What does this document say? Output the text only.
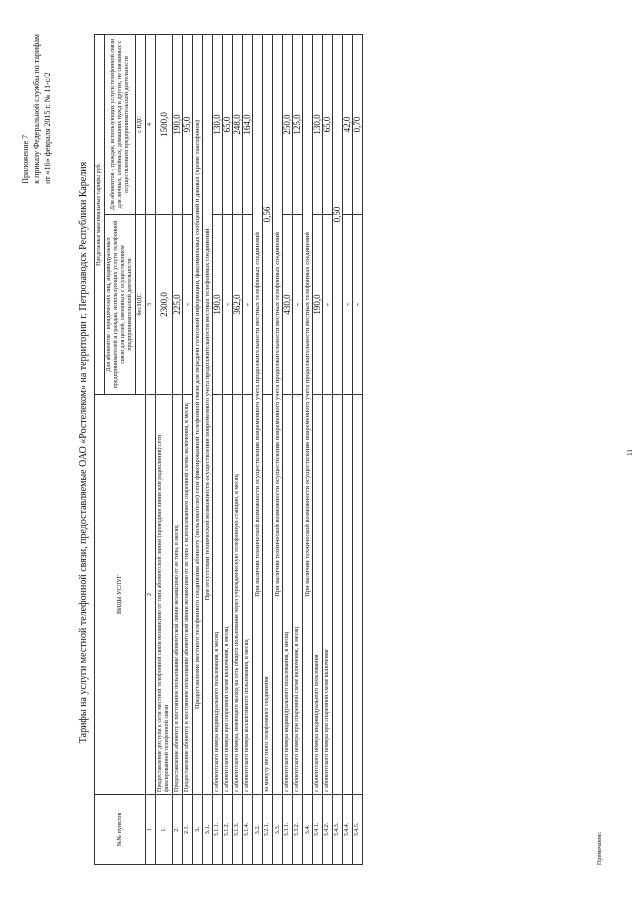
Приложение 7 к приказу Федеральной службы по тарифам от «16» февраля 2015 г. № 11-с/2
Тарифы на услуги местной телефонной связи, предоставляемые ОАО «Ростелеком» на территории г. Петрозаводск Республики Карелия
№№ пунктов	ВИДЫ УСЛУГ	Предельные максимальные тарифы руб.	
		Для абонентов - юридических лиц, индивидуальных предпринимателей и граждан, использующих услуги телефонной связи для целей, связанных с осуществлением предпринимательской деятельности	Для абонентов - граждан, использующих услуги телефонной связи для личных, семейных, домашних нужд и других, не связанных с осуществлением предпринимательской деятельности
		без НДС	с НДС
1	2	3	4
1.	Предоставление доступа к сети местной телефонной связи независимо от типа абонентской линии (проводная линия или радиолиния) сети фиксированной телефонной связи	2300,0	1500,0
2.	Предоставление абоненту в постоянное пользование абонентской линии независимо от ее типа, в месяц	225,0	190,0
2.1.	Предоставление абоненту в постоянное пользование абонентской линии независимо от ее типа с использованием спаренной схемы включения, в месяц	-	95,0
3.	Предоставление местного телефонного соединения абоненту (пользователю) сети фиксированной телефонной связи для передачи голосовой информации, факсимильных сообщений и данных (кроме таксофонов)		
3.1.	При отсутствии технической возможности осуществления повременного учета продолжительности местных телефонных соединений		
3.1.1.	с абонентского номера индивидуального пользования, в месяц	190,0	130,0
3.1.2.	с абонентского номера при спаренной схеме включения, в месяц	-	65,0
3.1.3.	с абонентского номера, имеющего выход на сеть общего пользования через учрежденческую телефонную станцию, в месяц	362,0	248,0
3.1.4.	с абонентского номера коллективного пользования, в месяц	-	164,0
3.2.	При наличии технической возможности осуществления повременного учета продолжительности местных телефонных соединений		
3.2.1.	за минуту местного телефонного соединения	0,56	
3.3.	При наличии технической возможности осуществления повременного учета продолжительности местных телефонных соединений		
3.3.1.	с абонентского номера индивидуального пользования, в месяц	430,0	250,0
3.3.2.	с абонентского номера при спаренной схеме включения, в месяц	-	125,0
3.4.	При наличии технической возможности осуществления повременного учета продолжительности местных телефонных соединений		
3.4.1.	с абонентского номера индивидуального пользования	190,0	130,0
3.4.2.	с абонентского номера при спаренной схеме включения	-	65,0
3.4.3.		0,50	
3.4.4.		-	42,0
3.4.5.		-	0,70
Примечание:
11
